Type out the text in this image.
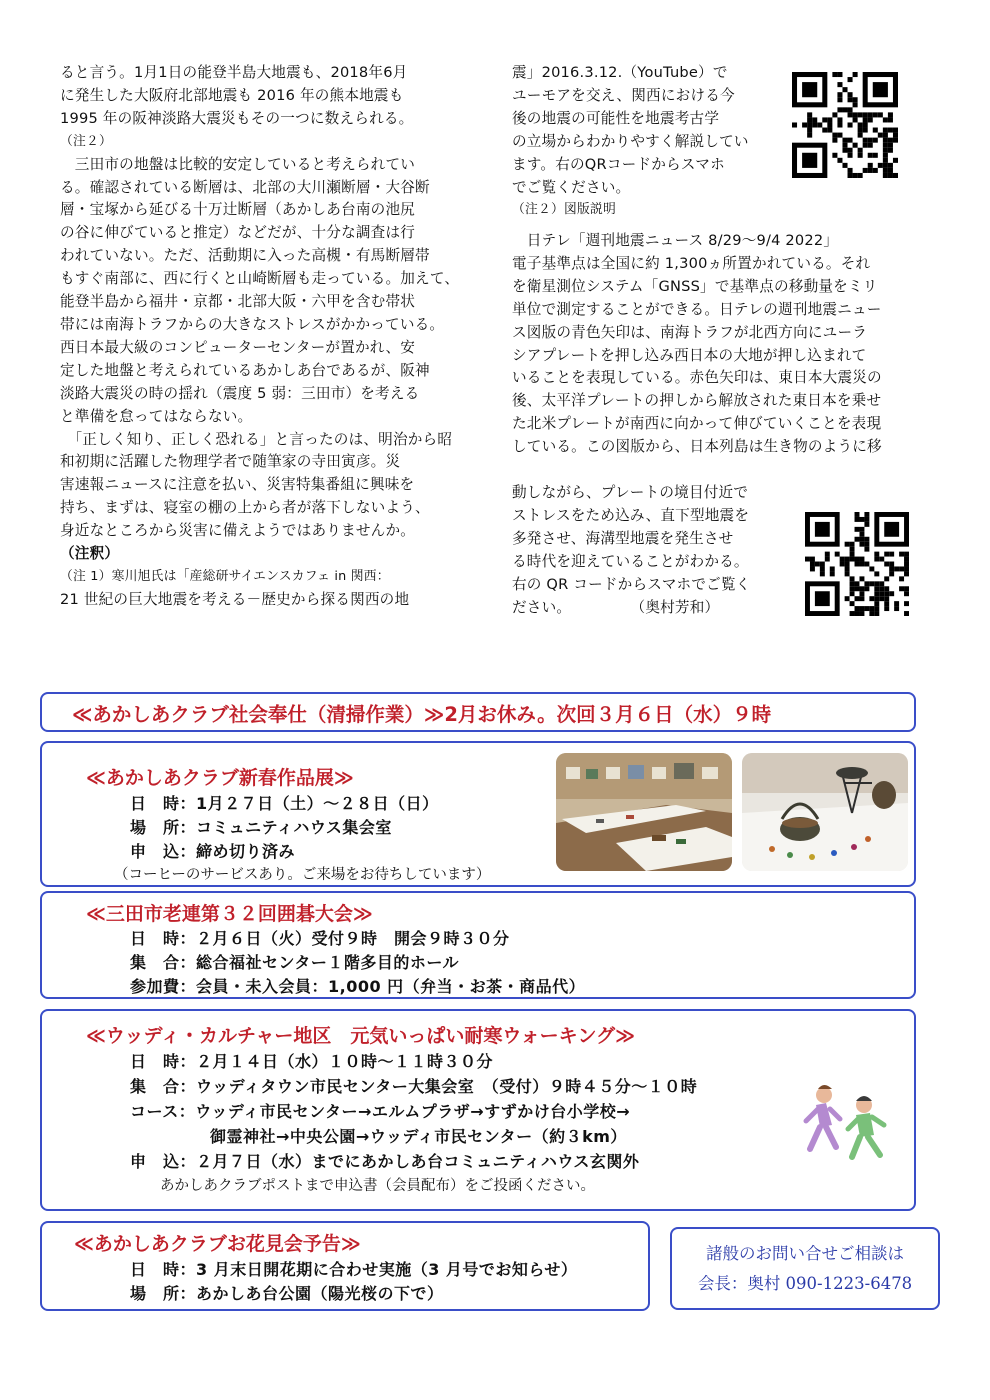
ると言う。1月1日の能登半島大地震も、2018年6月

に発生した大阪府北部地震も 2016 年の熊本地震も

1995 年の阪神淡路大震災もその一つに数えられる。

（注２）

　三田市の地盤は比較的安定していると考えられてい

る。確認されている断層は、北部の大川瀬断層・大谷断

層・宝塚から延びる十万辻断層（あかしあ台南の池尻

の谷に伸びていると推定）などだが、十分な調査は行

われていない。ただ、活動期に入った高槻・有馬断層帯

もすぐ南部に、西に行くと山崎断層も走っている。加えて、

能登半島から福井・京都・北部大阪・六甲を含む帯状

帯には南海トラフからの大きなストレスがかかっている。

西日本最大級のコンピューターセンターが置かれ、安

定した地盤と考えられているあかしあ台であるが、阪神

淡路大震災の時の揺れ（震度 5 弱：三田市）を考える

と準備を怠ってはならない。

　「正しく知り、正しく恐れる」と言ったのは、明治から昭

和初期に活躍した物理学者で随筆家の寺田寅彦。災

害速報ニュースに注意を払い、災害特集番組に興味を

持ち、まずは、寝室の棚の上から者が落下しないよう、

身近なところから災害に備えようではありませんか。

（注釈）

（注 1）寒川旭氏は「産総研サイエンスカフェ in 関西：

21 世紀の巨大地震を考える－歴史から探る関西の地

震」2016.3.12.（YouTube）で

ユーモアを交え、関西における今

後の地震の可能性を地震考古学

の立場からわかりやすく解説してい

ます。右のQRコードからスマホ

でご覧ください。

（注２）図版説明

　日テレ「週刊地震ニュース 8/29～9/4 2022」

電子基準点は全国に約 1,300ヵ所置かれている。それ

を衛星測位システム「GNSS」で基準点の移動量をミリ

単位で測定することができる。日テレの週刊地震ニュー

ス図版の青色矢印は、南海トラフが北西方向にユーラ

シアプレートを押し込み西日本の大地が押し込まれて

いることを表現している。赤色矢印は、東日本大震災の

後、太平洋プレートの押しから解放された東日本を乗せ

た北米プレートが南西に向かって伸びていくことを表現

している。この図版から、日本列島は生き物のように移

動しながら、プレートの境目付近で

ストレスをため込み、直下型地震を

多発させ、海溝型地震を発生させ

る時代を迎えていることがわかる。

右の QR コードからスマホでご覧く

ださい。　　　　　（奥村芳和）

≪あかしあクラブ社会奉仕（清掃作業）≫2月お休み。次回３月６日（水）９時
≪あかしあクラブ新春作品展≫
日　時：1月２７日（土）～２８日（日）
場　所：コミュニティハウス集会室
申　込：締め切り済み
（コーヒーのサービスあり。ご来場をお待ちしています）
≪三田市老連第３２回囲碁大会≫
日　時：２月６日（火）受付９時　開会９時３０分
集　合：総合福祉センター１階多目的ホール
参加費：会員・未入会員：1,000 円（弁当・お茶・商品代）
≪ウッディ・カルチャー地区　元気いっぱい耐寒ウォーキング≫
日　時：２月１４日（水）１０時～１１時３０分
集　合：ウッディタウン市民センター大集会室　（受付）９時４５分～１０時
コース：ウッディ市民センター→エルムプラザ→すずかけ台小学校→
御霊神社→中央公園→ウッディ市民センター（約３km）
申　込：２月７日（水）までにあかしあ台コミュニティハウス玄関外
あかしあクラブポストまで申込書（会員配布）をご投函ください。
≪あかしあクラブお花見会予告≫
日　時：3 月末日開花期に合わせ実施（3 月号でお知らせ）
場　所：あかしあ台公園（陽光桜の下で）
諸般のお問い合せご相談は
会長：奥村 090-1223-6478
